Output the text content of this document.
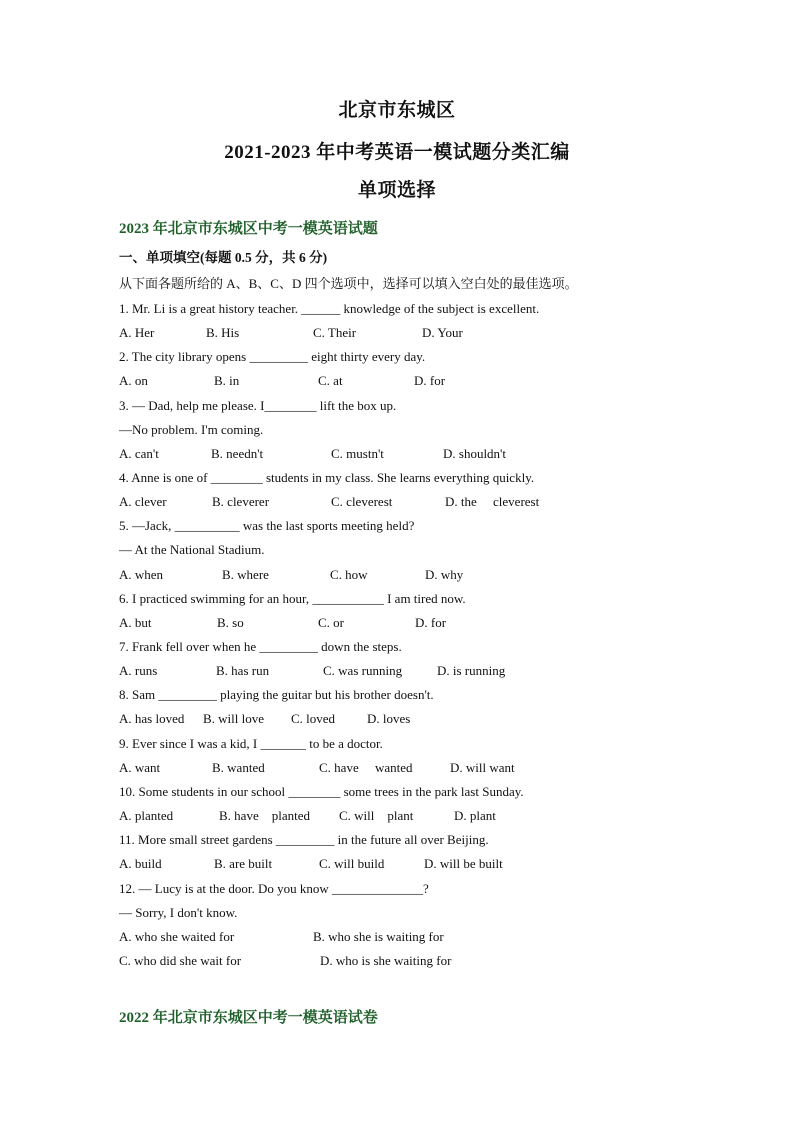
北京市东城区
2021-2023 年中考英语一模试题分类汇编
单项选择
2023 年北京市东城区中考一模英语试题
一、单项填空(每题 0.5 分，共 6 分)
从下面各题所给的 A、B、C、D 四个选项中，选择可以填入空白处的最佳选项。
1. Mr. Li is a great history teacher. ______ knowledge of the subject is excellent.
A. Her	B. His	C. Their	D. Your
2. The city library opens _________ eight thirty every day.
A. on	B. in	C. at	D. for
3. — Dad, help me please. I________ lift the box up.
—No problem. I'm coming.
A. can't	B. needn't	C. mustn't	D. shouldn't
4. Anne is one of ________ students in my class. She learns everything quickly.
A. clever	B. cleverer	C. cleverest	D. the     cleverest
5. —Jack, __________ was the last sports meeting held?
— At the National Stadium.
A. when	B. where	C. how	D. why
6. I practiced swimming for an hour, ___________ I am tired now.
A. but	B. so	C. or	D. for
7. Frank fell over when he _________ down the steps.
A. runs	B. has run	C. was running	D. is running
8. Sam _________ playing the guitar but his brother doesn't.
A. has loved B. will love C. loved D. loves
9. Ever since I was a kid, I _______ to be a doctor.
A. want	B. wanted	C. have     wanted	D. will want
10. Some students in our school ________ some trees in the park last Sunday.
A. planted	B. have    planted C. will    plant	D. plant
11. More small street gardens _________ in the future all over Beijing.
A. build	B. are built	C. will build	D. will be built
12. — Lucy is at the door. Do you know ______________?
— Sorry, I don't know.
A. who she waited for	B. who she is waiting for
C. who did she wait for	D. who is she waiting for
2022 年北京市东城区中考一模英语试卷
